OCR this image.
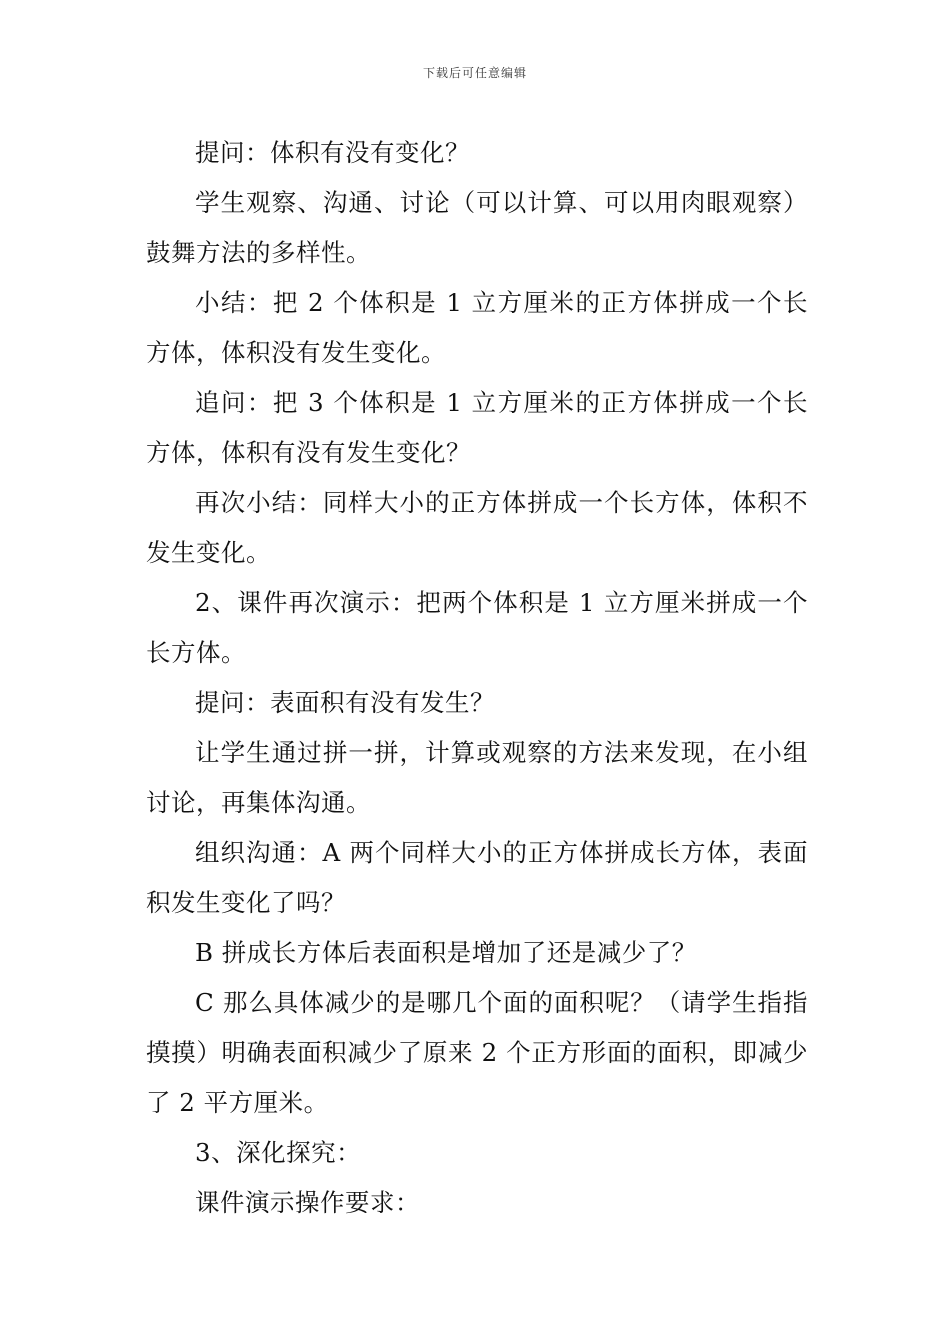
下载后可任意编辑

提问：体积有没有变化？

学生观察、沟通、讨论（可以计算、可以用肉眼观察）鼓舞方法的多样性。

小结：把 2 个体积是 1 立方厘米的正方体拼成一个长方体，体积没有发生变化。

追问：把 3 个体积是 1 立方厘米的正方体拼成一个长方体，体积有没有发生变化？

再次小结：同样大小的正方体拼成一个长方体，体积不发生变化。

2、课件再次演示：把两个体积是 1 立方厘米拼成一个长方体。

提问：表面积有没有发生？

让学生通过拼一拼，计算或观察的方法来发现，在小组讨论，再集体沟通。

组织沟通：A 两个同样大小的正方体拼成长方体，表面积发生变化了吗？

B 拼成长方体后表面积是增加了还是减少了？

C 那么具体减少的是哪几个面的面积呢？（请学生指指摸摸）明确表面积减少了原来 2 个正方形面的面积，即减少了 2 平方厘米。

3、深化探究：

课件演示操作要求：
